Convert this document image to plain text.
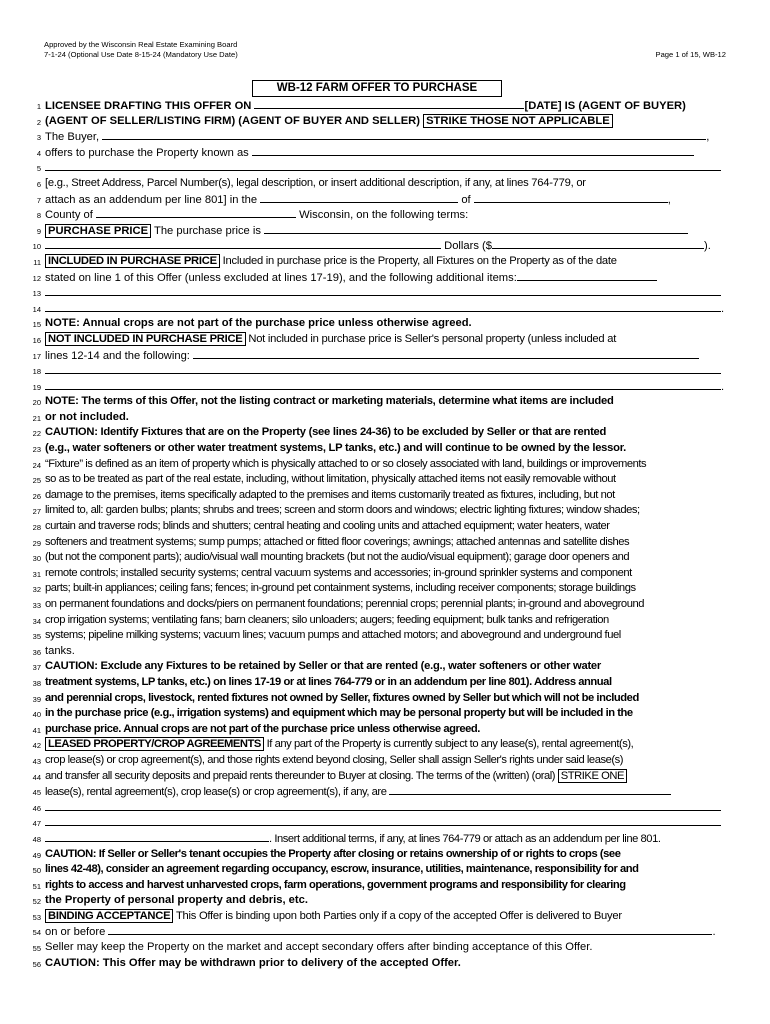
Approved by the Wisconsin Real Estate Examining Board
7-1-24 (Optional Use Date 8-15-24 (Mandatory Use Date)	Page 1 of 15, WB-12
WB-12 FARM OFFER TO PURCHASE
1 LICENSEE DRAFTING THIS OFFER ON	[DATE] IS (AGENT OF BUYER)
2 (AGENT OF SELLER/LISTING FIRM) (AGENT OF BUYER AND SELLER) STRIKE THOSE NOT APPLICABLE
3 The Buyer,	,
4 offers to purchase the Property known as
5
6 [e.g., Street Address, Parcel Number(s), legal description, or insert additional description, if any, at lines 764-779, or
7 attach as an addendum per line 801] in the	of	,
8 County of	Wisconsin, on the following terms:
9 PURCHASE PRICE The purchase price is
10	Dollars ($	).
11 INCLUDED IN PURCHASE PRICE Included in purchase price is the Property, all Fixtures on the Property as of the date
12 stated on line 1 of this Offer (unless excluded at lines 17-19), and the following additional items:
13
14	.
15 NOTE: Annual crops are not part of the purchase price unless otherwise agreed.
16 NOT INCLUDED IN PURCHASE PRICE Not included in purchase price is Seller's personal property (unless included at
17 lines 12-14 and the following:
18
19	.
20 NOTE: The terms of this Offer, not the listing contract or marketing materials, determine what items are included
21 or not included.
22 CAUTION: Identify Fixtures that are on the Property (see lines 24-36) to be excluded by Seller or that are rented
23 (e.g., water softeners or other water treatment systems, LP tanks, etc.) and will continue to be owned by the lessor.
24 “Fixture” is defined as an item of property which is physically attached to or so closely associated with land, buildings or improvements
25 so as to be treated as part of the real estate, including, without limitation, physically attached items not easily removable without
26 damage to the premises, items specifically adapted to the premises and items customarily treated as fixtures, including, but not
27 limited to, all: garden bulbs; plants; shrubs and trees; screen and storm doors and windows; electric lighting fixtures; window shades;
28 curtain and traverse rods; blinds and shutters; central heating and cooling units and attached equipment; water heaters, water
29 softeners and treatment systems; sump pumps; attached or fitted floor coverings; awnings; attached antennas and satellite dishes
30 (but not the component parts); audio/visual wall mounting brackets (but not the audio/visual equipment); garage door openers and
31 remote controls; installed security systems; central vacuum systems and accessories; in-ground sprinkler systems and component
32 parts; built-in appliances; ceiling fans; fences; in-ground pet containment systems, including receiver components; storage buildings
33 on permanent foundations and docks/piers on permanent foundations; perennial crops; perennial plants; in-ground and aboveground
34 crop irrigation systems; ventilating fans; barn cleaners; silo unloaders; augers; feeding equipment; bulk tanks and refrigeration
35 systems; pipeline milking systems; vacuum lines; vacuum pumps and attached motors; and aboveground and underground fuel
36 tanks.
37 CAUTION: Exclude any Fixtures to be retained by Seller or that are rented (e.g., water softeners or other water
38 treatment systems, LP tanks, etc.) on lines 17-19 or at lines 764-779 or in an addendum per line 801). Address annual
39 and perennial crops, livestock, rented fixtures not owned by Seller, fixtures owned by Seller but which will not be included
40 in the purchase price (e.g., irrigation systems) and equipment which may be personal property but will be included in the
41 purchase price. Annual crops are not part of the purchase price unless otherwise agreed.
42 LEASED PROPERTY/CROP AGREEMENTS If any part of the Property is currently subject to any lease(s), rental agreement(s),
43 crop lease(s) or crop agreement(s), and those rights extend beyond closing, Seller shall assign Seller's rights under said lease(s)
44 and transfer all security deposits and prepaid rents thereunder to Buyer at closing. The terms of the (written) (oral) STRIKE ONE
45 lease(s), rental agreement(s), crop lease(s) or crop agreement(s), if any, are
46
47
48	. Insert additional terms, if any, at lines 764-779 or attach as an addendum per line 801.
49 CAUTION: If Seller or Seller's tenant occupies the Property after closing or retains ownership of or rights to crops (see
50 lines 42-48), consider an agreement regarding occupancy, escrow, insurance, utilities, maintenance, responsibility for and
51 rights to access and harvest unharvested crops, farm operations, government programs and responsibility for clearing
52 the Property of personal property and debris, etc.
53 BINDING ACCEPTANCE This Offer is binding upon both Parties only if a copy of the accepted Offer is delivered to Buyer
54 on or before	.
55 Seller may keep the Property on the market and accept secondary offers after binding acceptance of this Offer.
56 CAUTION: This Offer may be withdrawn prior to delivery of the accepted Offer.
